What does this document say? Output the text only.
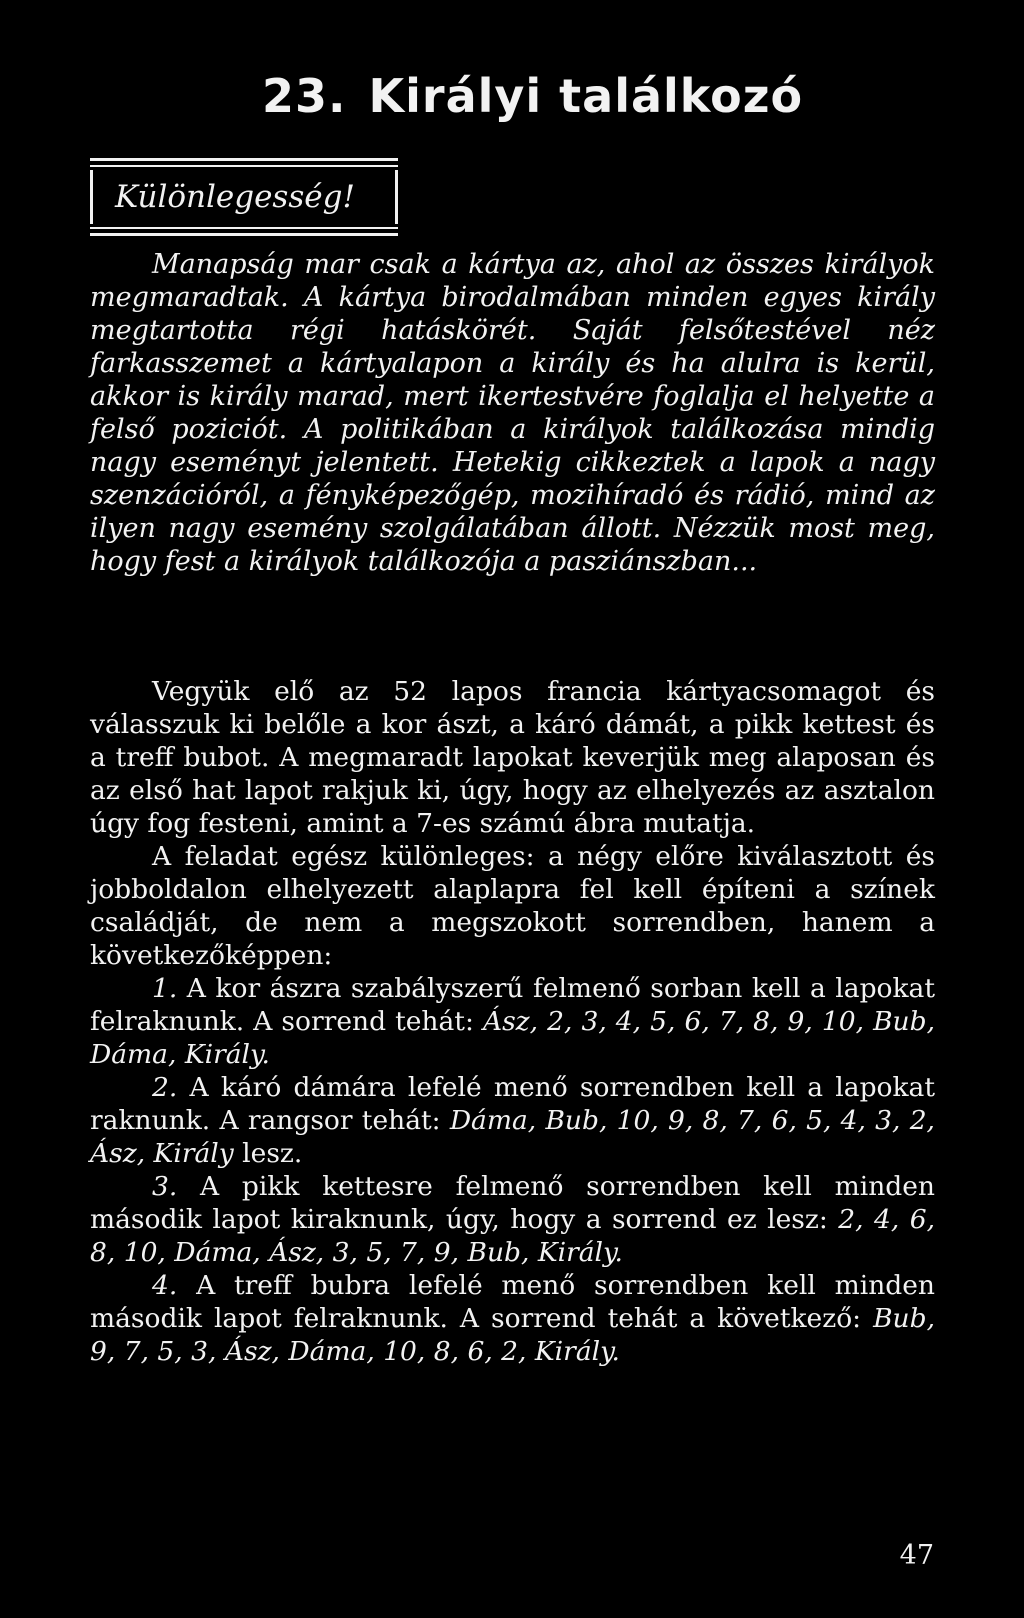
23. Királyi találkozó
Különlegesség!

Manapság mar csak a kártya az, ahol az összes királyok megmaradtak. A kártya birodalmában minden egyes király megtartotta régi hatáskörét. Saját felsőtestével néz farkasszemet a kártyalapon a király és ha alulra is kerül, akkor is király marad, mert ikertestvére foglalja el helyette a felső poziciót. A politikában a királyok találkozása mindig nagy eseményt jelentett. Hetekig cikkeztek a lapok a nagy szenzációról, a fényképezőgép, mozihíradó és rádió, mind az ilyen nagy esemény szolgálatában állott. Nézzük most meg, hogy fest a királyok találkozója a pasziánszban...

Vegyük elő az 52 lapos francia kártyacsomagot és válasszuk ki belőle a kor ászt, a káró dámát, a pikk kettest és a treff bubot. A megmaradt lapokat keverjük meg alaposan és az első hat lapot rakjuk ki, úgy, hogy az elhelyezés az asztalon úgy fog festeni, amint a 7-es számú ábra mutatja.

A feladat egész különleges: a négy előre kiválasztott és jobboldalon elhelyezett alaplapra fel kell építeni a színek családját, de nem a megszokott sorrendben, hanem a következőképpen:

1. A kor ászra szabályszerű felmenő sorban kell a lapokat felraknunk. A sorrend tehát: Ász, 2, 3, 4, 5, 6, 7, 8, 9, 10, Bub, Dáma, Király.

2. A káró dámára lefelé menő sorrendben kell a lapokat raknunk. A rangsor tehát: Dáma, Bub, 10, 9, 8, 7, 6, 5, 4, 3, 2, Ász, Király lesz.

3. A pikk kettesre felmenő sorrendben kell minden második lapot kiraknunk, úgy, hogy a sorrend ez lesz: 2, 4, 6, 8, 10, Dáma, Ász, 3, 5, 7, 9, Bub, Király.

4. A treff bubra lefelé menő sorrendben kell minden második lapot felraknunk. A sorrend tehát a következő: Bub, 9, 7, 5, 3, Ász, Dáma, 10, 8, 6, 2, Király.

47
